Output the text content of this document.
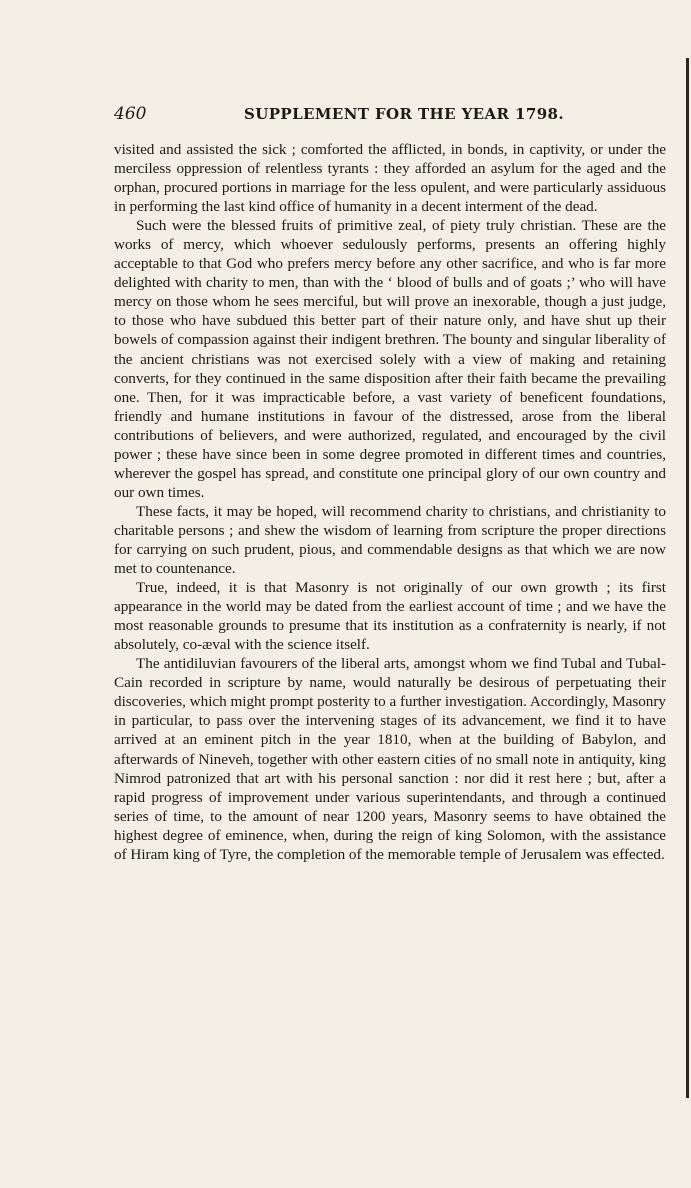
460	SUPPLEMENT FOR THE YEAR 1798.

visited and assisted the sick ; comforted the afflicted, in bonds, in captivity, or under the merciless oppression of relentless tyrants : they afforded an asylum for the aged and the orphan, procured portions in marriage for the less opulent, and were particularly assiduous in performing the last kind office of humanity in a decent interment of the dead.

Such were the blessed fruits of primitive zeal, of piety truly christian. These are the works of mercy, which whoever sedulously performs, presents an offering highly acceptable to that God who prefers mercy before any other sacrifice, and who is far more delighted with charity to men, than with the ‘ blood of bulls and of goats ;’ who will have mercy on those whom he sees merciful, but will prove an inexorable, though a just judge, to those who have subdued this better part of their nature only, and have shut up their bowels of compassion against their indigent brethren. The bounty and singular liberality of the ancient christians was not exercised solely with a view of making and retaining converts, for they continued in the same disposition after their faith became the prevailing one. Then, for it was impracticable before, a vast variety of beneficent foundations, friendly and humane institutions in favour of the distressed, arose from the liberal contributions of believers, and were authorized, regulated, and encouraged by the civil power ; these have since been in some degree promoted in different times and countries, wherever the gospel has spread, and constitute one principal glory of our own country and our own times.

These facts, it may be hoped, will recommend charity to christians, and christianity to charitable persons ; and shew the wisdom of learning from scripture the proper directions for carrying on such prudent, pious, and commendable designs as that which we are now met to countenance.

True, indeed, it is that Masonry is not originally of our own growth ; its first appearance in the world may be dated from the earliest account of time ; and we have the most reasonable grounds to presume that its institution as a confraternity is nearly, if not absolutely, co-æval with the science itself.

The antidiluvian favourers of the liberal arts, amongst whom we find Tubal and Tubal-Cain recorded in scripture by name, would naturally be desirous of perpetuating their discoveries, which might prompt posterity to a further investigation. Accordingly, Masonry in particular, to pass over the intervening stages of its advancement, we find it to have arrived at an eminent pitch in the year 1810, when at the building of Babylon, and afterwards of Nineveh, together with other eastern cities of no small note in antiquity, king Nimrod patronized that art with his personal sanction : nor did it rest here ; but, after a rapid progress of improvement under various superintendants, and through a continued series of time, to the amount of near 1200 years, Masonry seems to have obtained the highest degree of eminence, when, during the reign of king Solomon, with the assistance of Hiram king of Tyre, the completion of the memorable temple of Jerusalem was effected.
